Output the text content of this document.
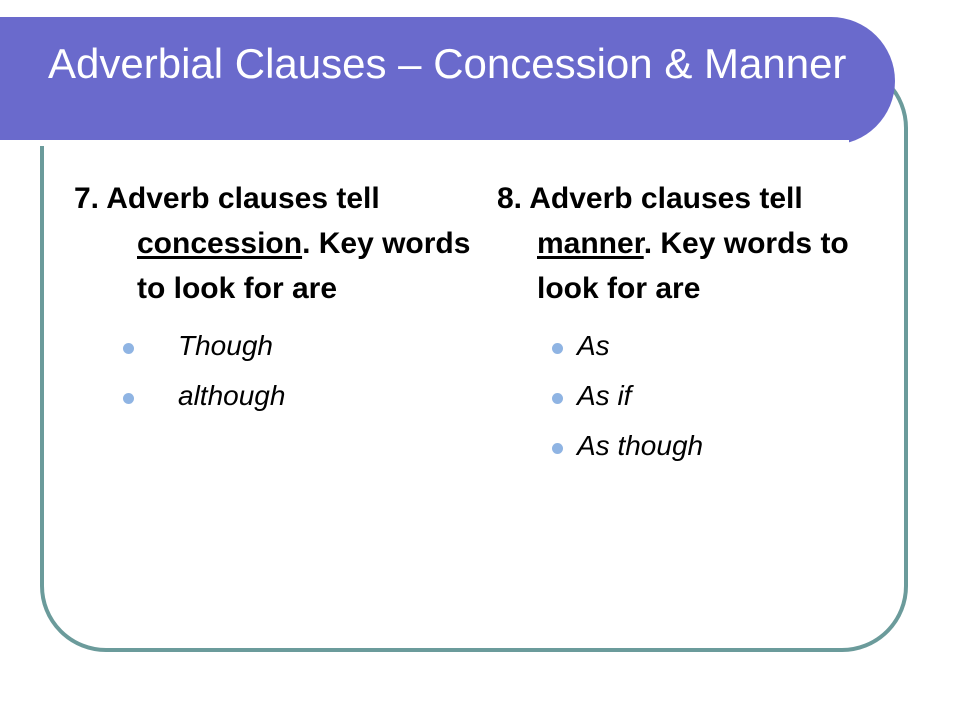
Adverbial Clauses – Concession & Manner

7. Adverb clauses tell concession. Key words to look for are

Though
although

8. Adverb clauses tell manner. Key words to look for are

As
As if
As though
